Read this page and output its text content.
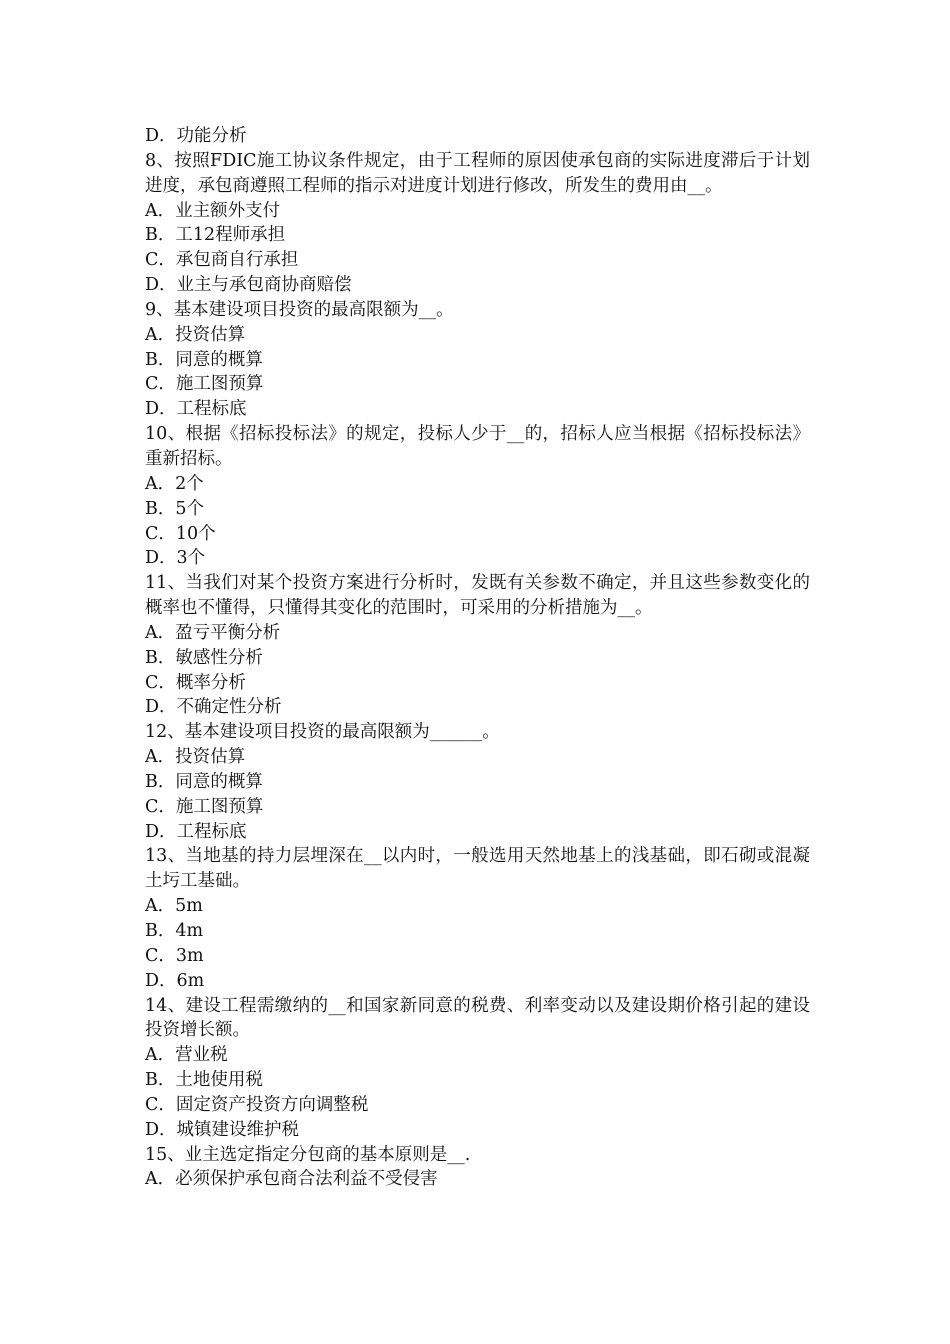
D．功能分析

8、按照FDIC施工协议条件规定，由于工程师的原因使承包商的实际进度滞后于计划进度，承包商遵照工程师的指示对进度计划进行修改，所发生的费用由__。

A．业主额外支付

B．工12程师承担

C．承包商自行承担

D．业主与承包商协商赔偿

9、基本建设项目投资的最高限额为__。

A．投资估算

B．同意的概算

C．施工图预算

D．工程标底

10、根据《招标投标法》的规定，投标人少于__的，招标人应当根据《招标投标法》重新招标。

A．2个

B．5个

C．10个

D．3个

11、当我们对某个投资方案进行分析时，发既有关参数不确定，并且这些参数变化的概率也不懂得，只懂得其变化的范围时，可采用的分析措施为__。

A．盈亏平衡分析

B．敏感性分析

C．概率分析

D．不确定性分析

12、基本建设项目投资的最高限额为______。

A．投资估算

B．同意的概算

C．施工图预算

D．工程标底

13、当地基的持力层埋深在__以内时，一般选用天然地基上的浅基础，即石砌或混凝土圬工基础。

A．5m

B．4m

C．3m

D．6m

14、建设工程需缴纳的__和国家新同意的税费、利率变动以及建设期价格引起的建设投资增长额。

A．营业税

B．土地使用税

C．固定资产投资方向调整税

D．城镇建设维护税

15、业主选定指定分包商的基本原则是__.

A．必须保护承包商合法利益不受侵害
